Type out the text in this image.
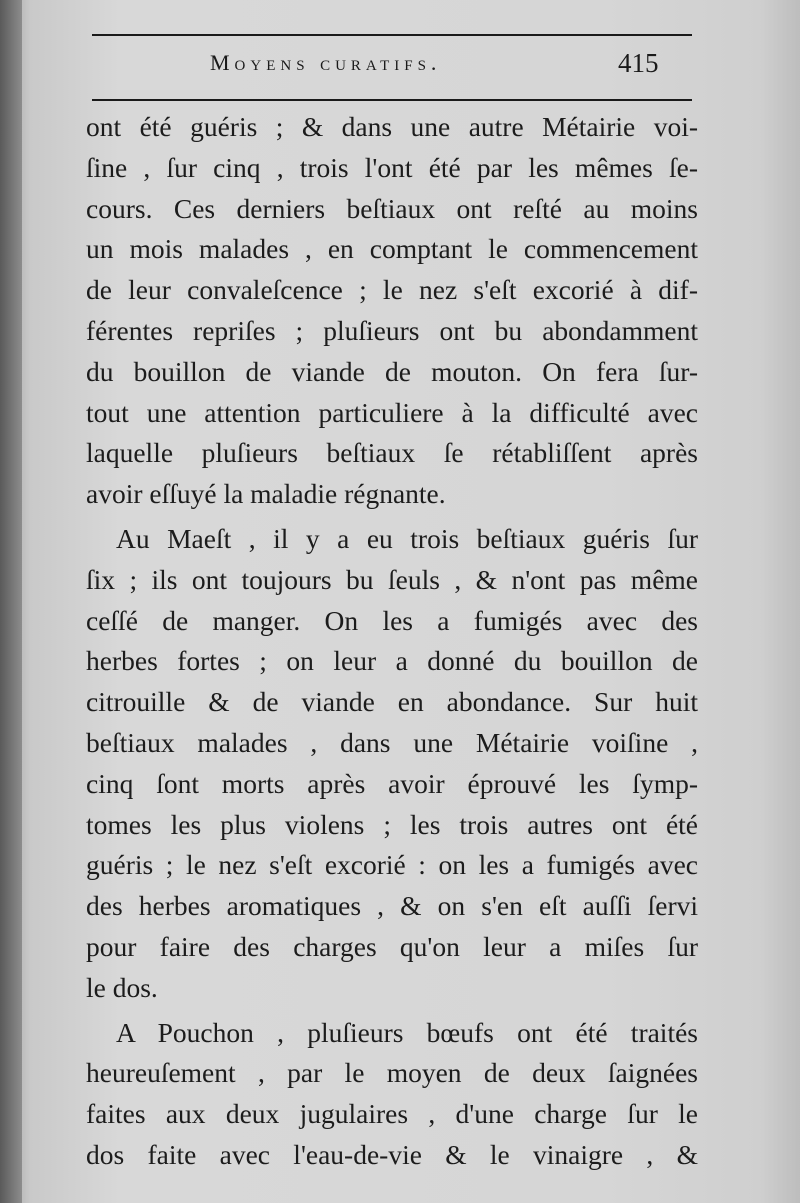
Moyens curatifs.	415
ont été guéris ; & dans une autre Métairie voi-
ſine , ſur cinq , trois l'ont été par les mêmes ſe-
cours. Ces derniers beſtiaux ont reſté au moins
un mois malades , en comptant le commencement
de leur convaleſcence ; le nez s'eſt excorié à dif-
férentes repriſes ; pluſieurs ont bu abondamment
du bouillon de viande de mouton. On fera ſur-
tout une attention particuliere à la difficulté avec
laquelle pluſieurs beſtiaux ſe rétabliſſent après
avoir eſſuyé la maladie régnante.
Au Maeſt , il y a eu trois beſtiaux guéris ſur
ſix ; ils ont toujours bu ſeuls , & n'ont pas même
ceſſé de manger. On les a fumigés avec des
herbes fortes ; on leur a donné du bouillon de
citrouille & de viande en abondance. Sur huit
beſtiaux malades , dans une Métairie voiſine ,
cinq ſont morts après avoir éprouvé les ſymp-
tomes les plus violens ; les trois autres ont été
guéris ; le nez s'eſt excorié : on les a fumigés avec
des herbes aromatiques , & on s'en eſt auſſi ſervi
pour faire des charges qu'on leur a miſes ſur
le dos.
A Pouchon , pluſieurs bœufs ont été traités
heureuſement , par le moyen de deux ſaignées
faites aux deux jugulaires , d'une charge ſur le
dos faite avec l'eau-de-vie & le vinaigre , &
